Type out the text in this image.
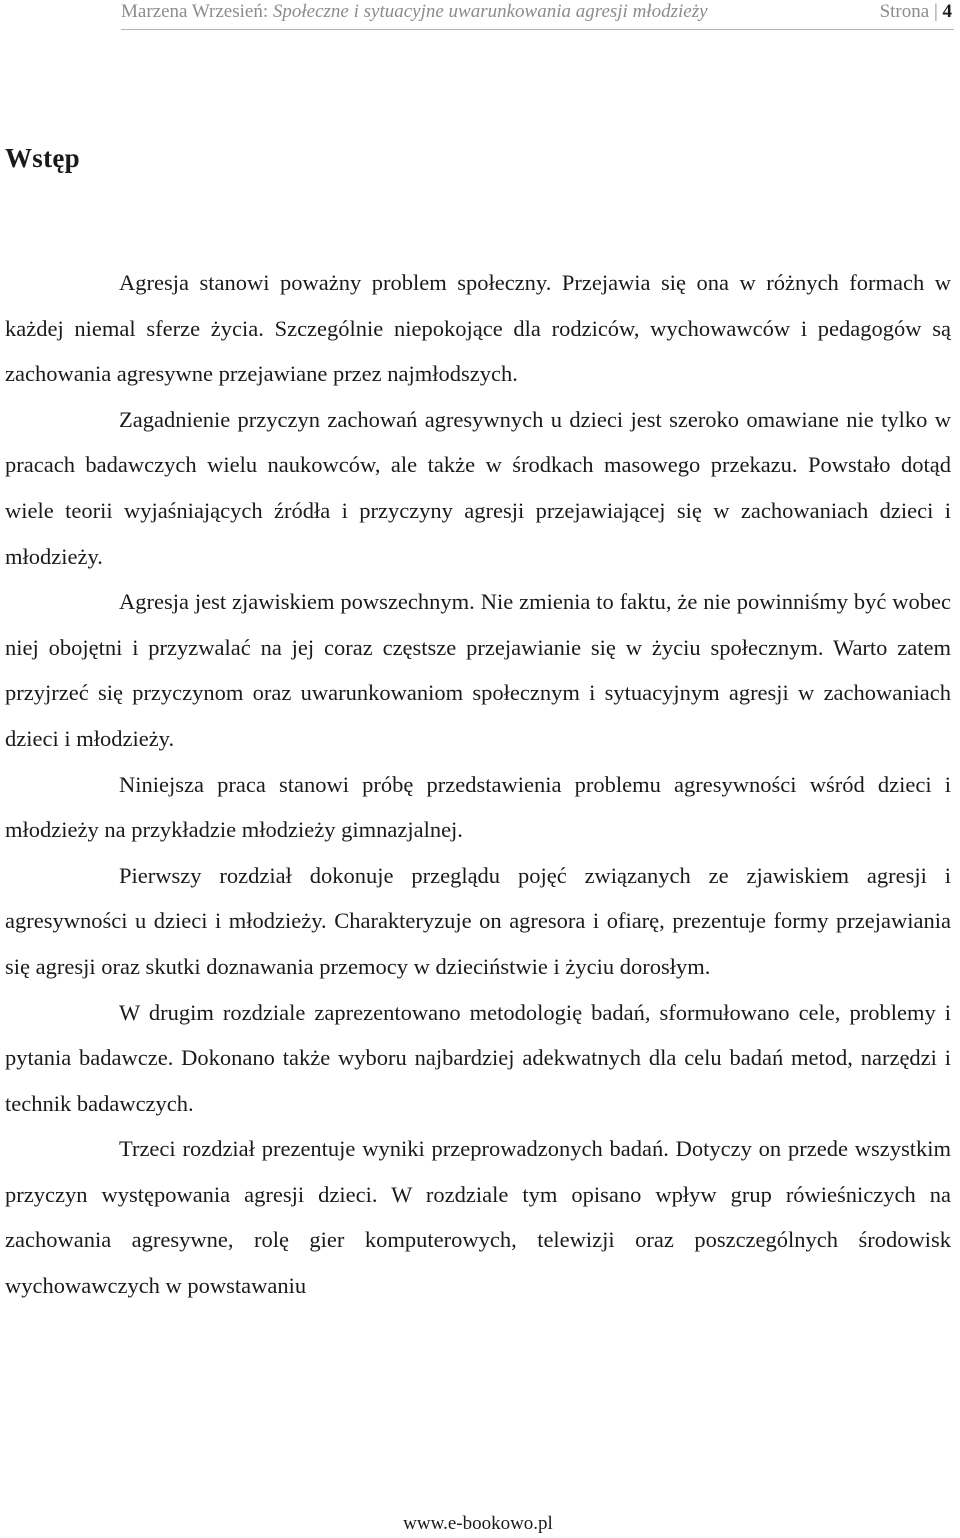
Marzena Wrzesień: Społeczne i sytuacyjne uwarunkowania agresji młodzieży	Strona | 4
Wstęp

Agresja stanowi poważny problem społeczny. Przejawia się ona w różnych formach w każdej niemal sferze życia. Szczególnie niepokojące dla rodziców, wychowawców i pedagogów są zachowania agresywne przejawiane przez najmłodszych.

Zagadnienie przyczyn zachowań agresywnych u dzieci jest szeroko omawiane nie tylko w pracach badawczych wielu naukowców, ale także w środkach masowego przekazu. Powstało dotąd wiele teorii wyjaśniających źródła i przyczyny agresji przejawiającej się w zachowaniach dzieci i młodzieży.

Agresja jest zjawiskiem powszechnym. Nie zmienia to faktu, że nie powinniśmy być wobec niej obojętni i przyzwalać na jej coraz częstsze przejawianie się w życiu społecznym. Warto zatem przyjrzeć się przyczynom oraz uwarunkowaniom społecznym i sytuacyjnym agresji w zachowaniach dzieci i młodzieży.

Niniejsza praca stanowi próbę przedstawienia problemu agresywności wśród dzieci i młodzieży na przykładzie młodzieży gimnazjalnej.

Pierwszy rozdział dokonuje przeglądu pojęć związanych ze zjawiskiem agresji i agresywności u dzieci i młodzieży. Charakteryzuje on agresora i ofiarę, prezentuje formy przejawiania się agresji oraz skutki doznawania przemocy w dzieciństwie i życiu dorosłym.

W drugim rozdziale zaprezentowano metodologię badań, sformułowano cele, problemy i pytania badawcze. Dokonano także wyboru najbardziej adekwatnych dla celu badań metod, narzędzi i technik badawczych.

Trzeci rozdział prezentuje wyniki przeprowadzonych badań. Dotyczy on przede wszystkim przyczyn występowania agresji dzieci. W rozdziale tym opisano wpływ grup rówieśniczych na zachowania agresywne, rolę gier komputerowych, telewizji oraz poszczególnych środowisk wychowawczych w powstawaniu

www.e-bookowo.pl
